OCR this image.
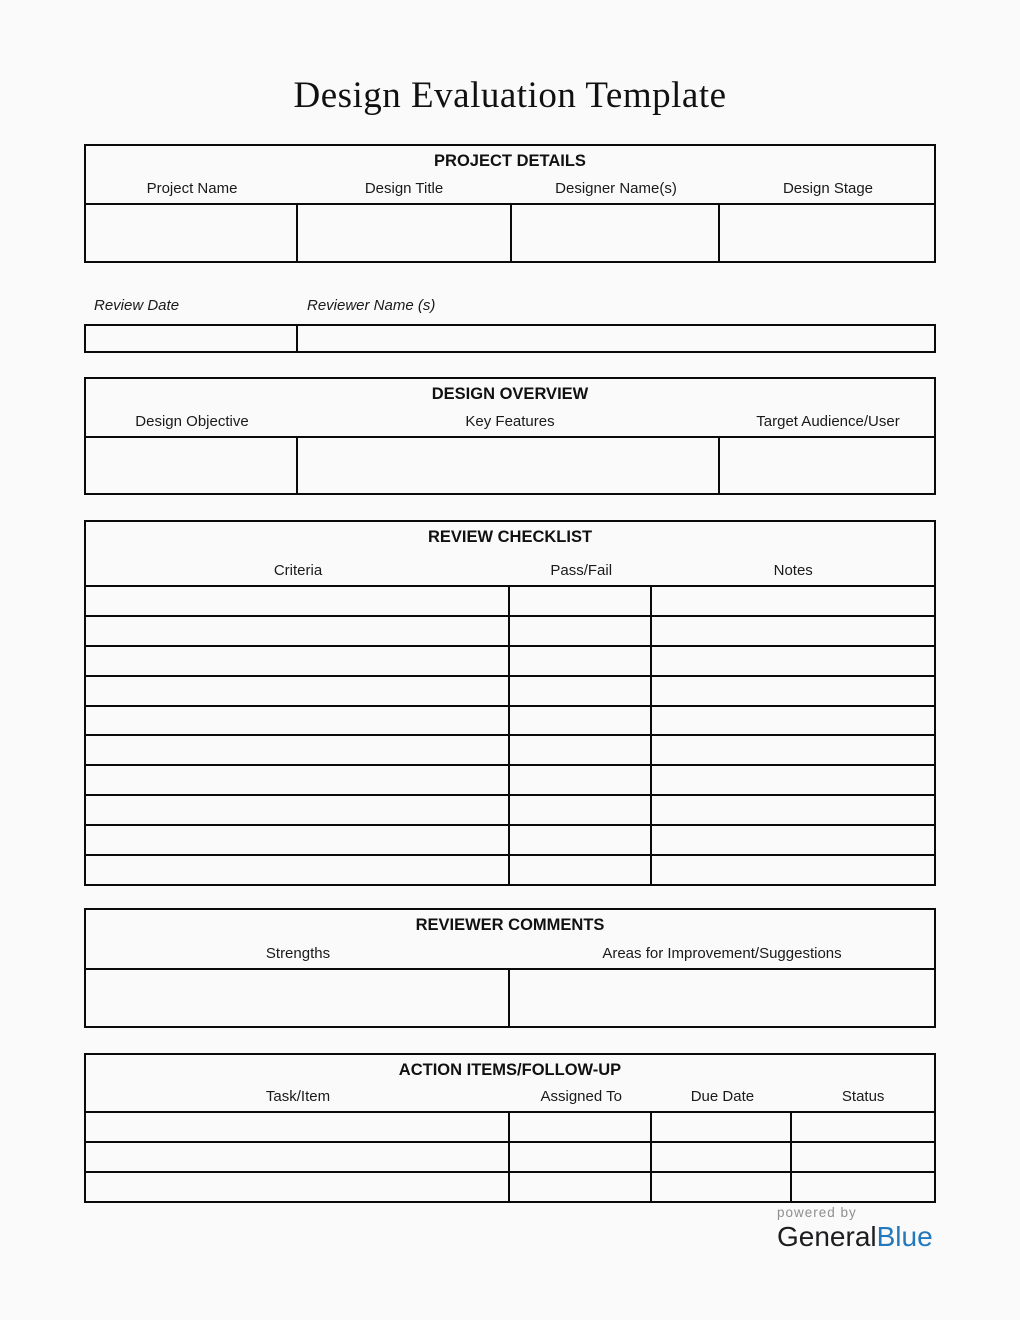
Design Evaluation Template
PROJECT DETAILS
Project Name	Design Title	Designer Name(s)	Design Stage
Review Date	Reviewer Name (s)
DESIGN OVERVIEW
Design Objective	Key Features	Target Audience/User
REVIEW CHECKLIST
Criteria	Pass/Fail	Notes
REVIEWER COMMENTS
Strengths	Areas for Improvement/Suggestions
ACTION ITEMS/FOLLOW-UP
Task/Item	Assigned To	Due Date	Status
powered by
GeneralBlue
